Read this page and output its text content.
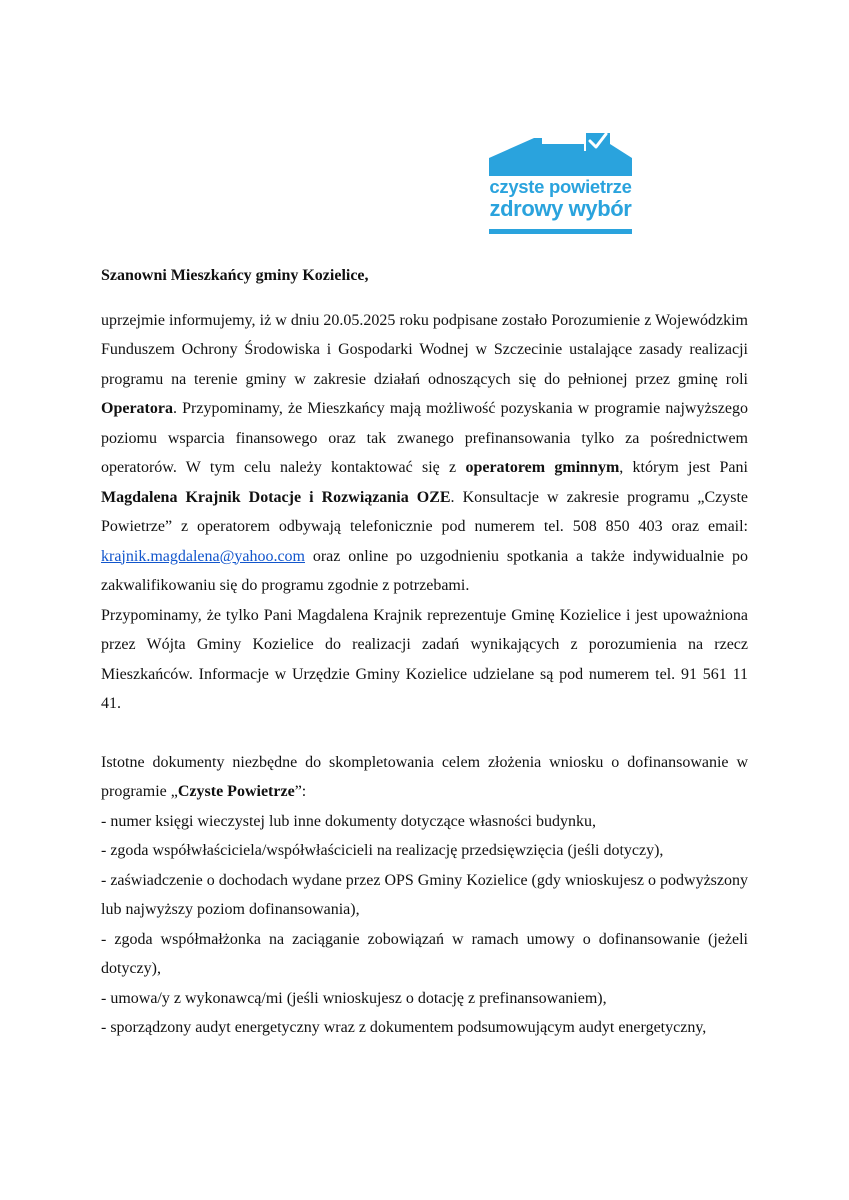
czyste powietrze
zdrowy wybór

Szanowni Mieszkańcy gminy Kozielice,

uprzejmie informujemy, iż w dniu 20.05.2025 roku podpisane zostało Porozumienie z Wojewódzkim Funduszem Ochrony Środowiska i Gospodarki Wodnej w Szczecinie ustalające zasady realizacji programu na terenie gminy w zakresie działań odnoszących się do pełnionej przez gminę roli Operatora. Przypominamy, że Mieszkańcy mają możliwość pozyskania w programie najwyższego poziomu wsparcia finansowego oraz tak zwanego prefinansowania tylko za pośrednictwem operatorów. W tym celu należy kontaktować się z operatorem gminnym, którym jest Pani Magdalena Krajnik Dotacje i Rozwiązania OZE. Konsultacje w zakresie programu „Czyste Powietrze” z operatorem odbywają telefonicznie pod numerem tel. 508 850 403 oraz email: krajnik.magdalena@yahoo.com oraz online po uzgodnieniu spotkania a także indywidualnie po zakwalifikowaniu się do programu zgodnie z potrzebami.

Przypominamy, że tylko Pani Magdalena Krajnik reprezentuje Gminę Kozielice i jest upoważniona przez Wójta Gminy Kozielice do realizacji zadań wynikających z porozumienia na rzecz Mieszkańców. Informacje w Urzędzie Gminy Kozielice udzielane są pod numerem tel. 91 561 11 41.

Istotne dokumenty niezbędne do skompletowania celem złożenia wniosku o dofinansowanie w programie „Czyste Powietrze”:

- numer księgi wieczystej lub inne dokumenty dotyczące własności budynku,

- zgoda współwłaściciela/współwłaścicieli na realizację przedsięwzięcia (jeśli dotyczy),

- zaświadczenie o dochodach wydane przez OPS Gminy Kozielice (gdy wnioskujesz o podwyższony lub najwyższy poziom dofinansowania),

- zgoda współmałżonka na zaciąganie zobowiązań w ramach umowy o dofinansowanie (jeżeli dotyczy),

- umowa/y z wykonawcą/mi (jeśli wnioskujesz o dotację z prefinansowaniem),

- sporządzony audyt energetyczny wraz z dokumentem podsumowującym audyt energetyczny,
